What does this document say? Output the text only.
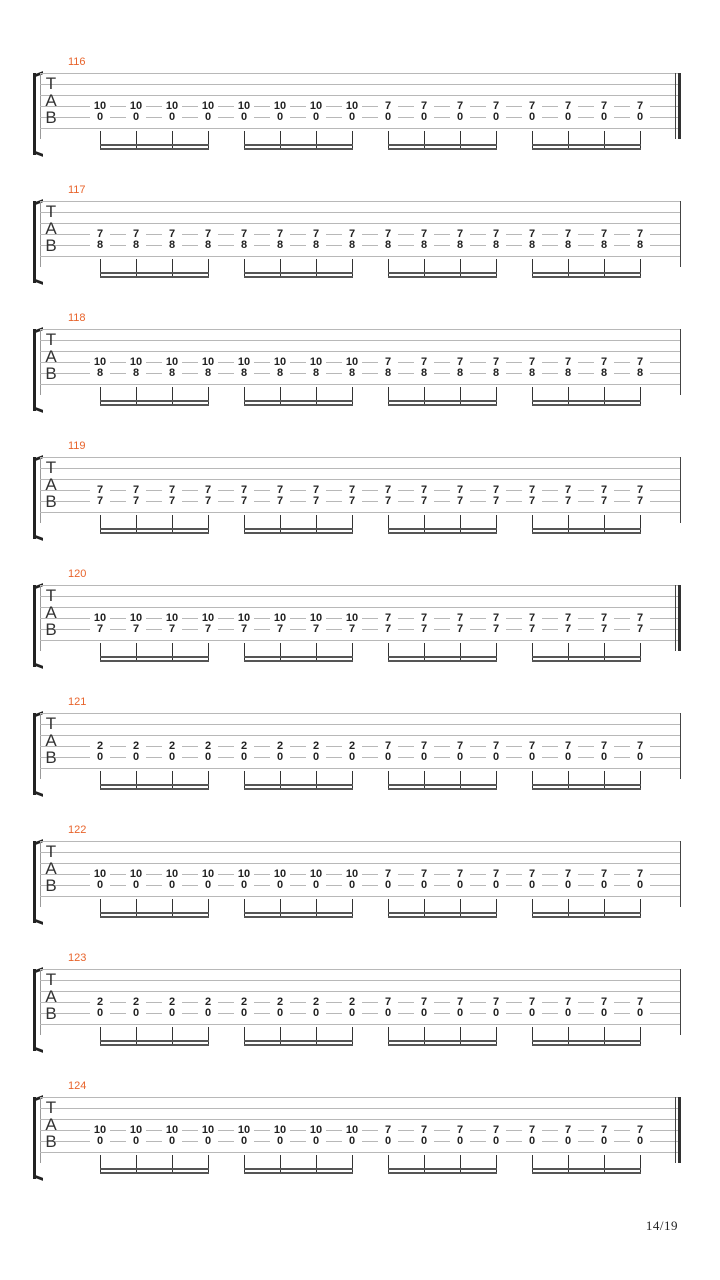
116
T
A
B
10
0
10
0
10
0
10
0
10
0
10
0
10
0
10
0
7
0
7
0
7
0
7
0
7
0
7
0
7
0
7
0
117
T
A
B
7
8
7
8
7
8
7
8
7
8
7
8
7
8
7
8
7
8
7
8
7
8
7
8
7
8
7
8
7
8
7
8
118
T
A
B
10
8
10
8
10
8
10
8
10
8
10
8
10
8
10
8
7
8
7
8
7
8
7
8
7
8
7
8
7
8
7
8
119
T
A
B
7
7
7
7
7
7
7
7
7
7
7
7
7
7
7
7
7
7
7
7
7
7
7
7
7
7
7
7
7
7
7
7
120
T
A
B
10
7
10
7
10
7
10
7
10
7
10
7
10
7
10
7
7
7
7
7
7
7
7
7
7
7
7
7
7
7
7
7
121
T
A
B
2
0
2
0
2
0
2
0
2
0
2
0
2
0
2
0
7
0
7
0
7
0
7
0
7
0
7
0
7
0
7
0
122
T
A
B
10
0
10
0
10
0
10
0
10
0
10
0
10
0
10
0
7
0
7
0
7
0
7
0
7
0
7
0
7
0
7
0
123
T
A
B
2
0
2
0
2
0
2
0
2
0
2
0
2
0
2
0
7
0
7
0
7
0
7
0
7
0
7
0
7
0
7
0
124
T
A
B
10
0
10
0
10
0
10
0
10
0
10
0
10
0
10
0
7
0
7
0
7
0
7
0
7
0
7
0
7
0
7
0
14/19
